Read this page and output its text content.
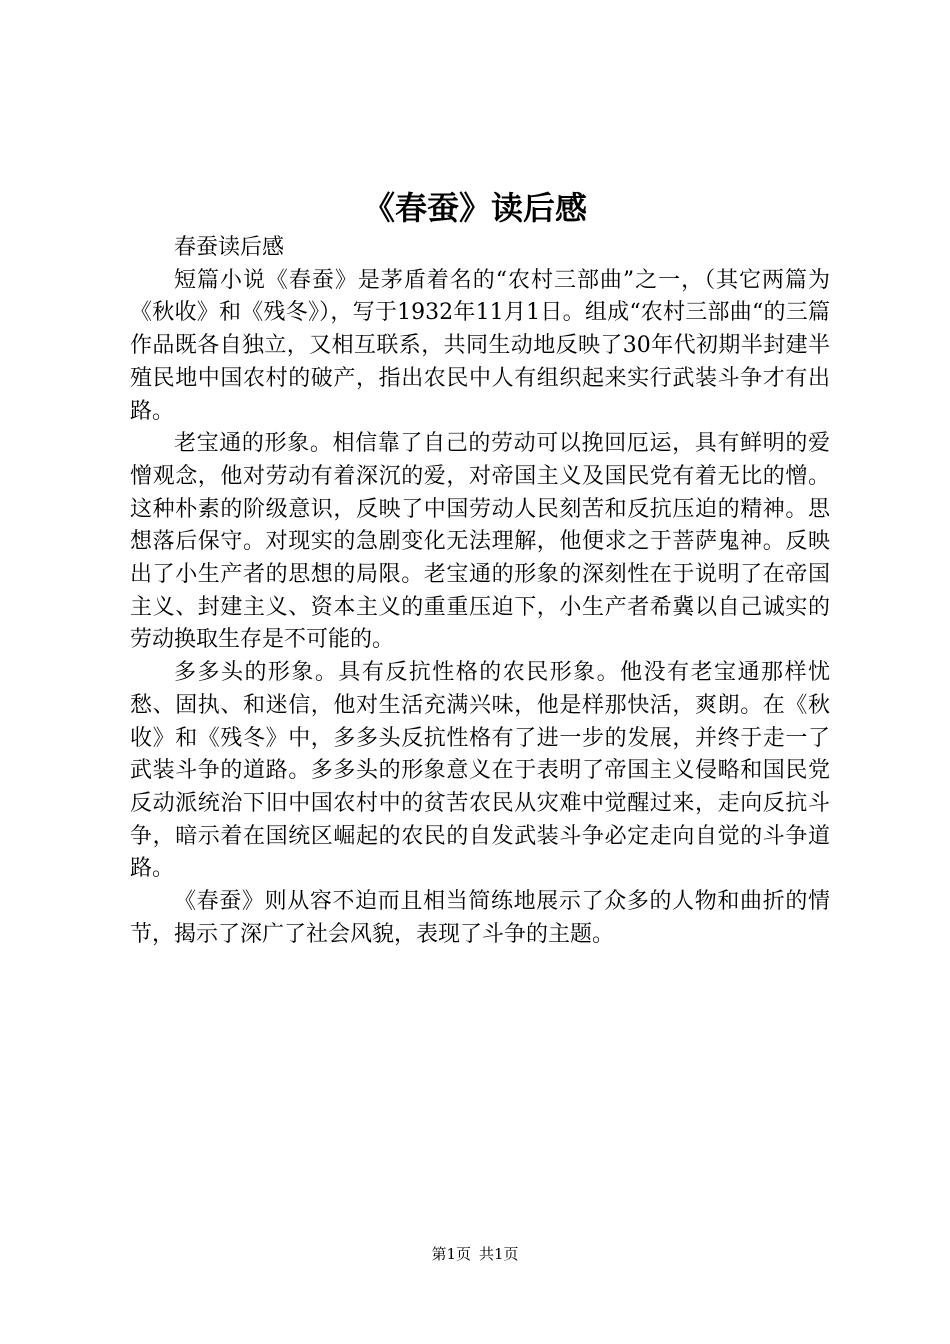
《春蚕》读后感

春蚕读后感

短篇小说《春蚕》是茅盾着名的“农村三部曲”之一，（其它两篇为《秋收》和《残冬》），写于1932年11月1日。组成“农村三部曲“的三篇作品既各自独立，又相互联系，共同生动地反映了30年代初期半封建半殖民地中国农村的破产，指出农民中人有组织起来实行武装斗争才有出路。

老宝通的形象。相信靠了自己的劳动可以挽回厄运，具有鲜明的爱憎观念，他对劳动有着深沉的爱，对帝国主义及国民党有着无比的憎。这种朴素的阶级意识，反映了中国劳动人民刻苦和反抗压迫的精神。思想落后保守。对现实的急剧变化无法理解，他便求之于菩萨鬼神。反映出了小生产者的思想的局限。老宝通的形象的深刻性在于说明了在帝国主义、封建主义、资本主义的重重压迫下，小生产者希冀以自己诚实的劳动换取生存是不可能的。

多多头的形象。具有反抗性格的农民形象。他没有老宝通那样忧愁、固执、和迷信，他对生活充满兴味，他是样那快活，爽朗。在《秋收》和《残冬》中，多多头反抗性格有了进一步的发展，并终于走一了武装斗争的道路。多多头的形象意义在于表明了帝国主义侵略和国民党反动派统治下旧中国农村中的贫苦农民从灾难中觉醒过来，走向反抗斗争，暗示着在国统区崛起的农民的自发武装斗争必定走向自觉的斗争道路。

《春蚕》则从容不迫而且相当简练地展示了众多的人物和曲折的情节，揭示了深广了社会风貌，表现了斗争的主题。

第1页 共1页
